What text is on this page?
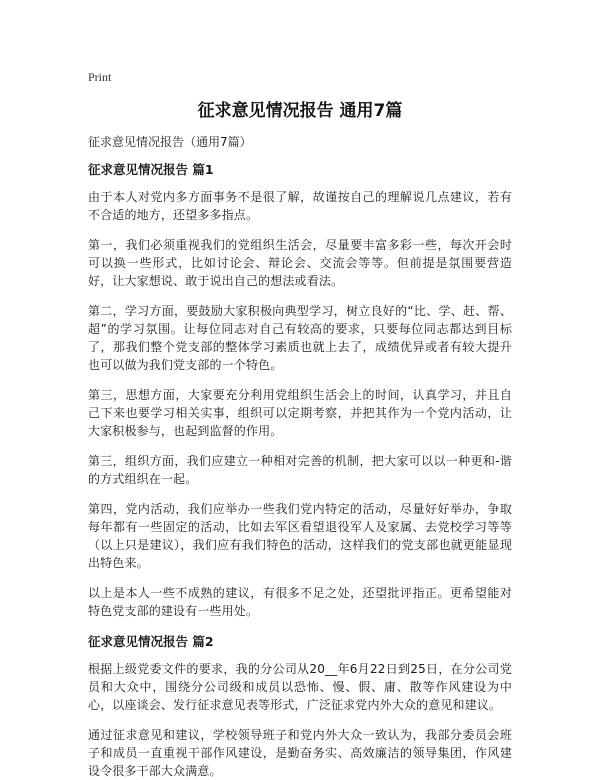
Print
征求意见情况报告 通用7篇
征求意见情况报告（通用7篇）
征求意见情况报告 篇1

由于本人对党内多方面事务不是很了解，故谨按自己的理解说几点建议，若有不合适的地方，还望多多指点。

第一，我们必须重视我们的党组织生活会，尽量要丰富多彩一些，每次开会时可以换一些形式，比如讨论会、辩论会、交流会等等。但前提是氛围要营造好，让大家想说、敢于说出自己的想法或看法。

第二，学习方面，要鼓励大家积极向典型学习，树立良好的“比、学、赶、帮、超”的学习氛围。让每位同志对自己有较高的要求，只要每位同志都达到目标了，那我们整个党支部的整体学习素质也就上去了，成绩优异或者有较大提升也可以做为我们党支部的一个特色。

第三，思想方面，大家要充分利用党组织生活会上的时间，认真学习，并且自己下来也要学习相关实事，组织可以定期考察，并把其作为一个党内活动，让大家积极参与，也起到监督的作用。

第三，组织方面，我们应建立一种相对完善的机制，把大家可以以一种更和-谐的方式组织在一起。

第四，党内活动，我们应举办一些我们党内特定的活动，尽量好好举办，争取每年都有一些固定的活动，比如去军区看望退役军人及家属、去党校学习等等（以上只是建议），我们应有我们特色的活动，这样我们的党支部也就更能显现出特色来。

以上是本人一些不成熟的建议，有很多不足之处，还望批评指正。更希望能对特色党支部的建设有一些用处。

征求意见情况报告 篇2

根据上级党委文件的要求，我的分公司从20__年6月22日到25日，在分公司党员和大众中，围绕分公司级和成员以恐怖、慢、假、庸、散等作风建设为中心，以座谈会、发行征求意见表等形式，广泛征求党内外大众的意见和建议。

通过征求意见和建议，学校领导班子和党内外大众一致认为，我部分委员会班子和成员一直重视干部作风建设，是勤奋务实、高效廉洁的领导集团，作风建设令很多干部大众满意。
